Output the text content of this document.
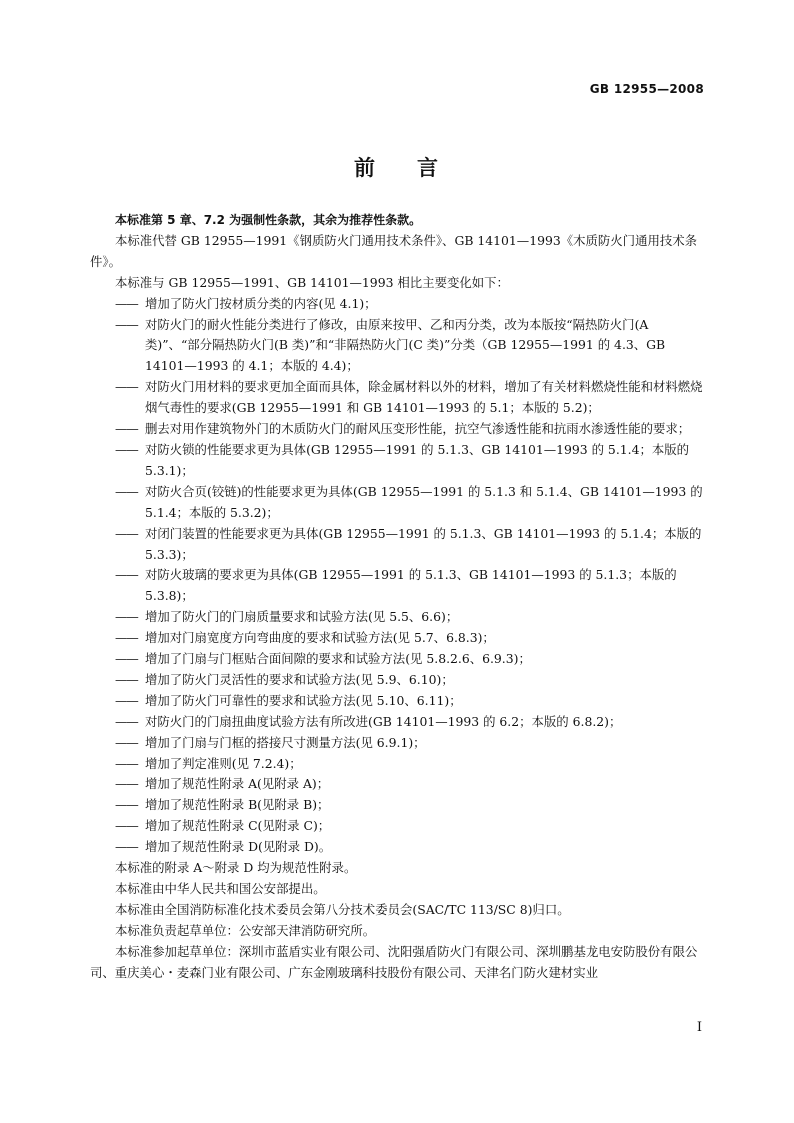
GB 12955—2008
前 言

本标准第 5 章、7.2 为强制性条款，其余为推荐性条款。

本标准代替 GB 12955—1991《钢质防火门通用技术条件》、GB 14101—1993《木质防火门通用技术条件》。

本标准与 GB 12955—1991、GB 14101—1993 相比主要变化如下：

—— 增加了防火门按材质分类的内容(见 4.1)；

—— 对防火门的耐火性能分类进行了修改，由原来按甲、乙和丙分类，改为本版按“隔热防火门(A 类)”、“部分隔热防火门(B 类)”和“非隔热防火门(C 类)”分类（GB 12955—1991 的 4.3、GB 14101—1993 的 4.1；本版的 4.4)；

—— 对防火门用材料的要求更加全面而具体，除金属材料以外的材料，增加了有关材料燃烧性能和材料燃烧烟气毒性的要求(GB 12955—1991 和 GB 14101—1993 的 5.1；本版的 5.2)；

—— 删去对用作建筑物外门的木质防火门的耐风压变形性能，抗空气渗透性能和抗雨水渗透性能的要求；

—— 对防火锁的性能要求更为具体(GB 12955—1991 的 5.1.3、GB 14101—1993 的 5.1.4；本版的 5.3.1)；

—— 对防火合页(铰链)的性能要求更为具体(GB 12955—1991 的 5.1.3 和 5.1.4、GB 14101—1993 的 5.1.4；本版的 5.3.2)；

—— 对闭门装置的性能要求更为具体(GB 12955—1991 的 5.1.3、GB 14101—1993 的 5.1.4；本版的 5.3.3)；

—— 对防火玻璃的要求更为具体(GB 12955—1991 的 5.1.3、GB 14101—1993 的 5.1.3；本版的 5.3.8)；

—— 增加了防火门的门扇质量要求和试验方法(见 5.5、6.6)；

—— 增加对门扇宽度方向弯曲度的要求和试验方法(见 5.7、6.8.3)；

—— 增加了门扇与门框贴合面间隙的要求和试验方法(见 5.8.2.6、6.9.3)；

—— 增加了防火门灵活性的要求和试验方法(见 5.9、6.10)；

—— 增加了防火门可靠性的要求和试验方法(见 5.10、6.11)；

—— 对防火门的门扇扭曲度试验方法有所改进(GB 14101—1993 的 6.2；本版的 6.8.2)；

—— 增加了门扇与门框的搭接尺寸测量方法(见 6.9.1)；

—— 增加了判定准则(见 7.2.4)；

—— 增加了规范性附录 A(见附录 A)；

—— 增加了规范性附录 B(见附录 B)；

—— 增加了规范性附录 C(见附录 C)；

—— 增加了规范性附录 D(见附录 D)。

本标准的附录 A～附录 D 均为规范性附录。

本标准由中华人民共和国公安部提出。

本标准由全国消防标准化技术委员会第八分技术委员会(SAC/TC 113/SC 8)归口。

本标准负责起草单位：公安部天津消防研究所。

本标准参加起草单位：深圳市蓝盾实业有限公司、沈阳强盾防火门有限公司、深圳鹏基龙电安防股份有限公司、重庆美心・麦森门业有限公司、广东金刚玻璃科技股份有限公司、天津名门防火建材实业

I
